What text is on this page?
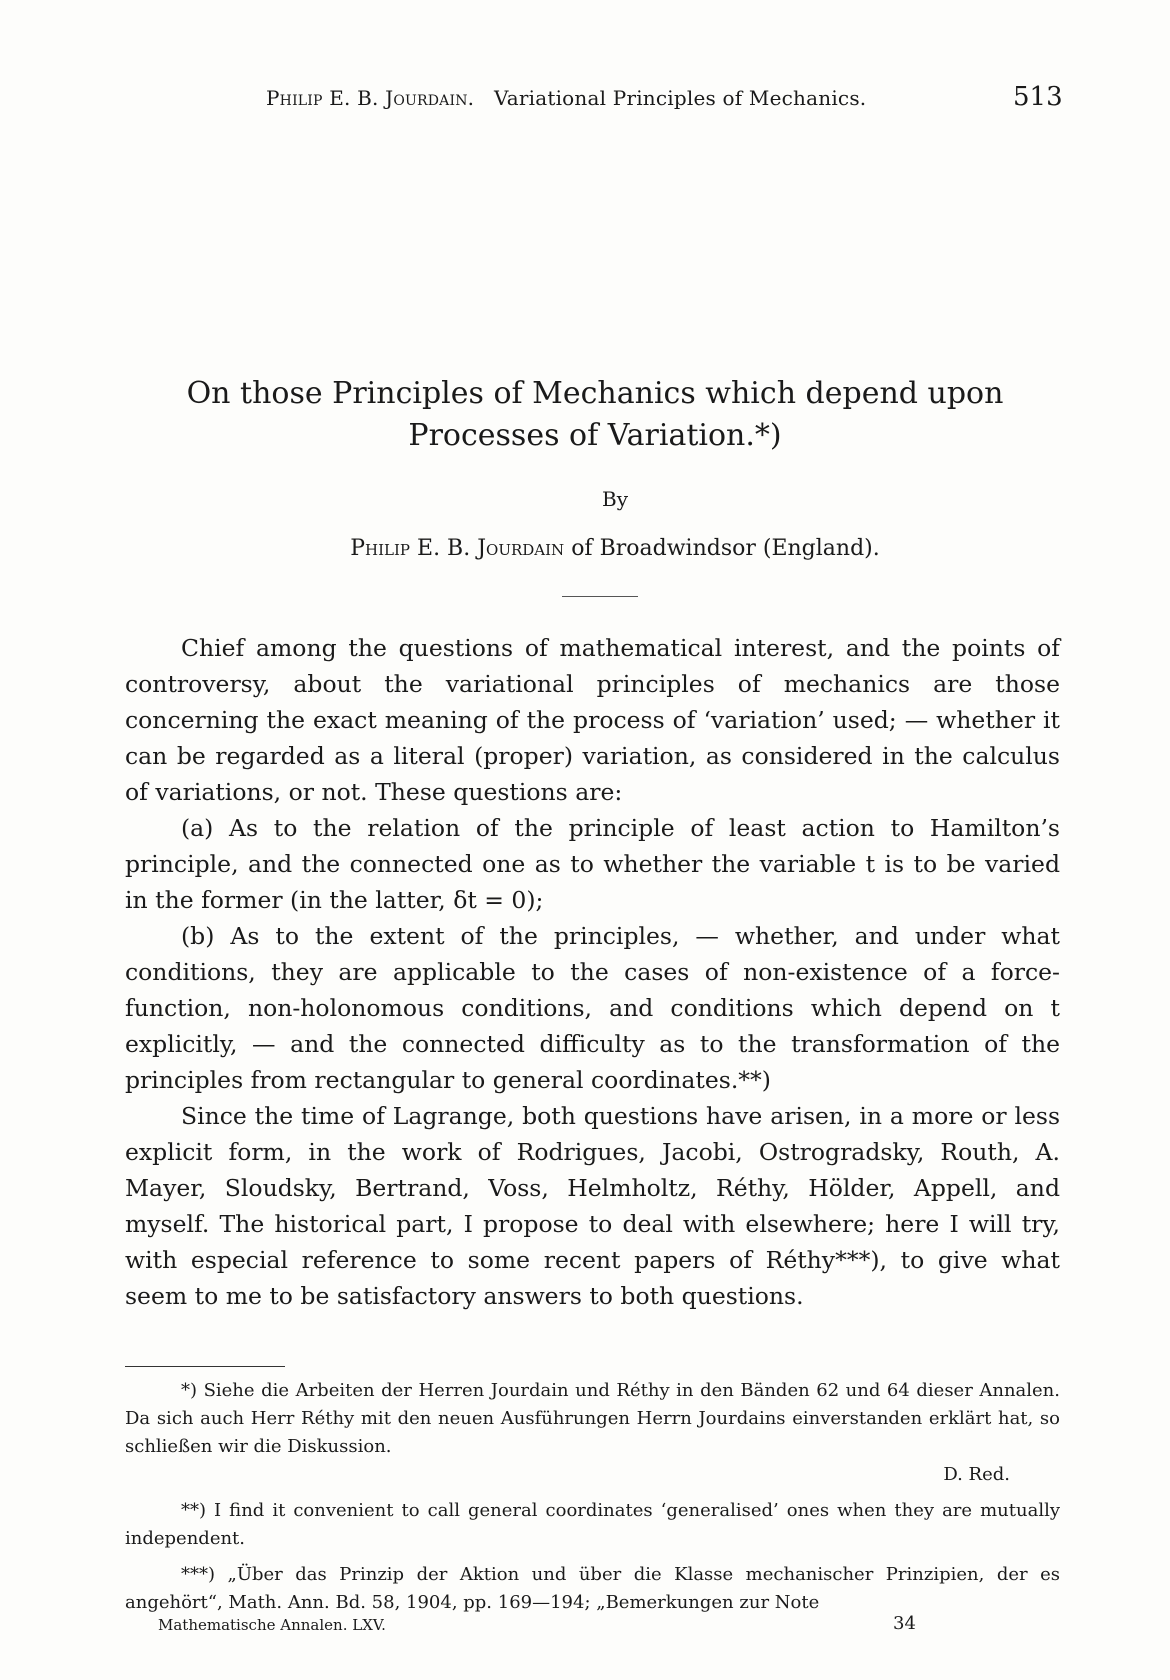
Philip E. B. Jourdain. Variational Principles of Mechanics.	513
On those Principles of Mechanics which depend upon Processes of Variation.*)
By
Philip E. B. Jourdain of Broadwindsor (England).

Chief among the questions of mathematical interest, and the points of controversy, about the variational principles of mechanics are those concerning the exact meaning of the process of ‘variation’ used; — whether it can be regarded as a literal (proper) variation, as considered in the calculus of variations, or not. These questions are:

(a) As to the relation of the principle of least action to Hamilton’s principle, and the connected one as to whether the variable t is to be varied in the former (in the latter, δt = 0);

(b) As to the extent of the principles, — whether, and under what conditions, they are applicable to the cases of non-existence of a force-function, non-holonomous conditions, and conditions which depend on t explicitly, — and the connected difficulty as to the transformation of the principles from rectangular to general coordinates.**)

Since the time of Lagrange, both questions have arisen, in a more or less explicit form, in the work of Rodrigues, Jacobi, Ostrogradsky, Routh, A. Mayer, Sloudsky, Bertrand, Voss, Helmholtz, Réthy, Hölder, Appell, and myself. The historical part, I propose to deal with elsewhere; here I will try, with especial reference to some recent papers of Réthy***), to give what seem to me to be satisfactory answers to both questions.

*) Siehe die Arbeiten der Herren Jourdain und Réthy in den Bänden 62 und 64 dieser Annalen. Da sich auch Herr Réthy mit den neuen Ausführungen Herrn Jourdains einverstanden erklärt hat, so schließen wir die Diskussion.

D. Red.

**) I find it convenient to call general coordinates ‘generalised’ ones when they are mutually independent.

***) „Über das Prinzip der Aktion und über die Klasse mechanischer Prinzipien, der es angehört“, Math. Ann. Bd. 58, 1904, pp. 169—194; „Bemerkungen zur Note

Mathematische Annalen. LXV.	34
